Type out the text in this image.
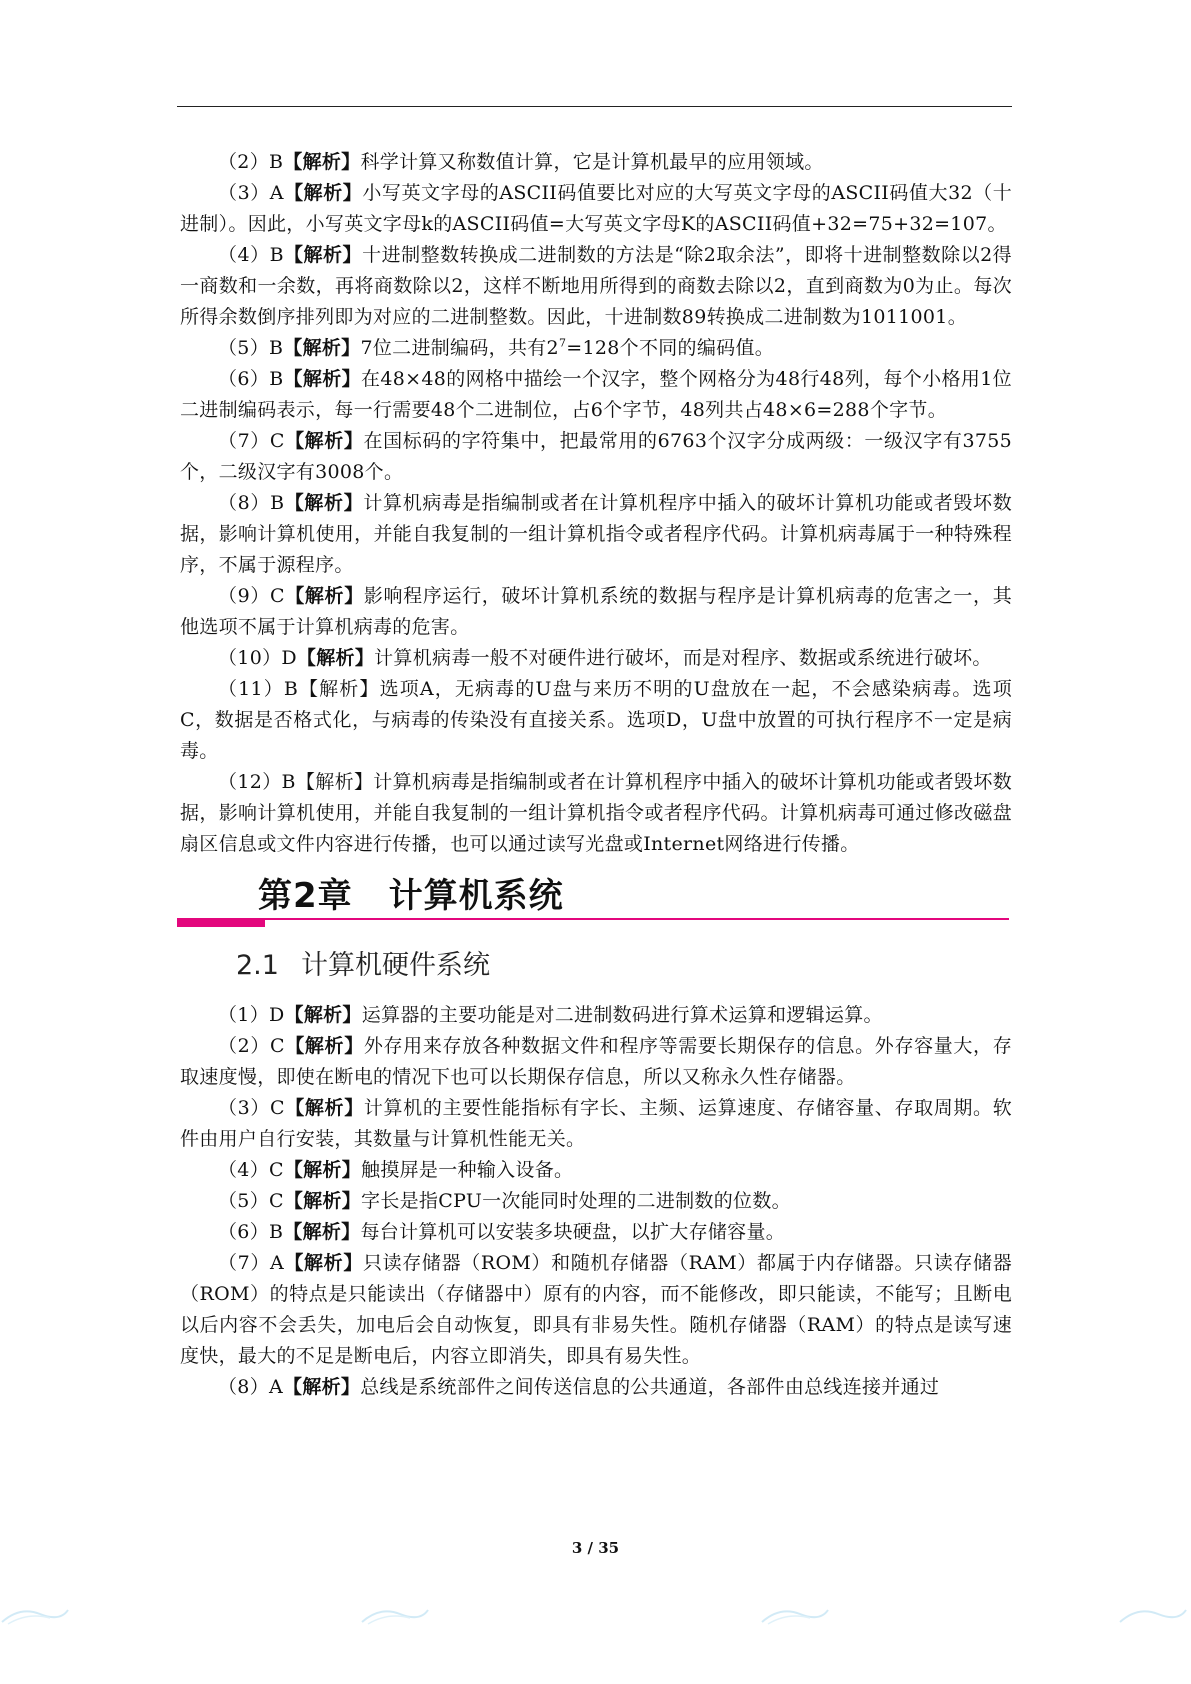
（2）B【解析】科学计算又称数值计算，它是计算机最早的应用领域。

（3）A【解析】小写英文字母的ASCII码值要比对应的大写英文字母的ASCII码值大32（十进制）。因此，小写英文字母k的ASCII码值=大写英文字母K的ASCII码值+32=75+32=107。

（4）B【解析】十进制整数转换成二进制数的方法是“除2取余法”，即将十进制整数除以2得一商数和一余数，再将商数除以2，这样不断地用所得到的商数去除以2，直到商数为0为止。每次所得余数倒序排列即为对应的二进制整数。因此，十进制数89转换成二进制数为1011001。

（5）B【解析】7位二进制编码，共有$2^7=128$个不同的编码值。

（6）B【解析】在48×48的网格中描绘一个汉字，整个网格分为48行48列，每个小格用1位二进制编码表示，每一行需要48个二进制位，占6个字节，48列共占48×6=288个字节。

（7）C【解析】在国标码的字符集中，把最常用的6763个汉字分成两级：一级汉字有3755个，二级汉字有3008个。

（8）B【解析】计算机病毒是指编制或者在计算机程序中插入的破坏计算机功能或者毁坏数据，影响计算机使用，并能自我复制的一组计算机指令或者程序代码。计算机病毒属于一种特殊程序，不属于源程序。

（9）C【解析】影响程序运行，破坏计算机系统的数据与程序是计算机病毒的危害之一，其他选项不属于计算机病毒的危害。

（10）D【解析】计算机病毒一般不对硬件进行破坏，而是对程序、数据或系统进行破坏。

（11）B【解析】选项A，无病毒的U盘与来历不明的U盘放在一起，不会感染病毒。选项C，数据是否格式化，与病毒的传染没有直接关系。选项D，U盘中放置的可执行程序不一定是病毒。

（12）B【解析】计算机病毒是指编制或者在计算机程序中插入的破坏计算机功能或者毁坏数据，影响计算机使用，并能自我复制的一组计算机指令或者程序代码。计算机病毒可通过修改磁盘扇区信息或文件内容进行传播，也可以通过读写光盘或Internet网络进行传播。

第2章 计算机系统
2.1 计算机硬件系统

（1）D【解析】运算器的主要功能是对二进制数码进行算术运算和逻辑运算。

（2）C【解析】外存用来存放各种数据文件和程序等需要长期保存的信息。外存容量大，存取速度慢，即使在断电的情况下也可以长期保存信息，所以又称永久性存储器。

（3）C【解析】计算机的主要性能指标有字长、主频、运算速度、存储容量、存取周期。软件由用户自行安装，其数量与计算机性能无关。

（4）C【解析】触摸屏是一种输入设备。

（5）C【解析】字长是指CPU一次能同时处理的二进制数的位数。

（6）B【解析】每台计算机可以安装多块硬盘，以扩大存储容量。

（7）A【解析】只读存储器（ROM）和随机存储器（RAM）都属于内存储器。只读存储器（ROM）的特点是只能读出（存储器中）原有的内容，而不能修改，即只能读，不能写；且断电以后内容不会丢失，加电后会自动恢复，即具有非易失性。随机存储器（RAM）的特点是读写速度快，最大的不足是断电后，内容立即消失，即具有易失性。

（8）A【解析】总线是系统部件之间传送信息的公共通道，各部件由总线连接并通过

3 / 35
